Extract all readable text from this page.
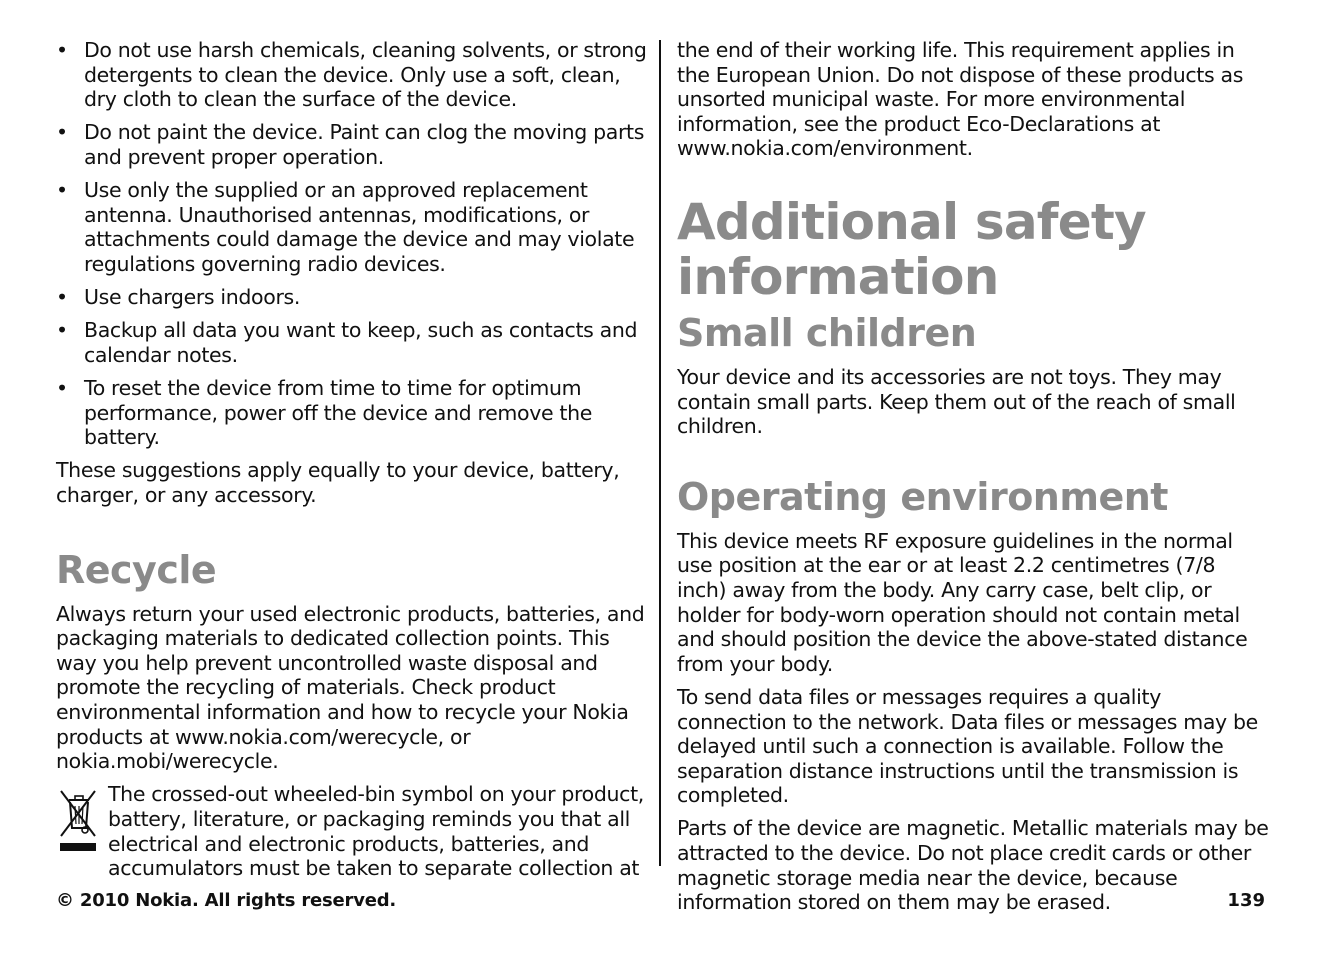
• Do not use harsh chemicals, cleaning solvents, or strong detergents to clean the device. Only use a soft, clean, dry cloth to clean the surface of the device.
• Do not paint the device. Paint can clog the moving parts and prevent proper operation.
• Use only the supplied or an approved replacement antenna. Unauthorised antennas, modifications, or attachments could damage the device and may violate regulations governing radio devices.
• Use chargers indoors.
• Backup all data you want to keep, such as contacts and calendar notes.
• To reset the device from time to time for optimum performance, power off the device and remove the battery.

These suggestions apply equally to your device, battery, charger, or any accessory.

Recycle

Always return your used electronic products, batteries, and packaging materials to dedicated collection points. This way you help prevent uncontrolled waste disposal and promote the recycling of materials. Check product environmental information and how to recycle your Nokia products at www.nokia.com/werecycle, or nokia.mobi/werecycle.

The crossed-out wheeled-bin symbol on your product, battery, literature, or packaging reminds you that all electrical and electronic products, batteries, and accumulators must be taken to separate collection at

the end of their working life. This requirement applies in the European Union. Do not dispose of these products as unsorted municipal waste. For more environmental information, see the product Eco-Declarations at www.nokia.com/environment.

Additional safety information
Small children

Your device and its accessories are not toys. They may contain small parts. Keep them out of the reach of small children.

Operating environment

This device meets RF exposure guidelines in the normal use position at the ear or at least 2.2 centimetres (7/8 inch) away from the body. Any carry case, belt clip, or holder for body-worn operation should not contain metal and should position the device the above-stated distance from your body.

To send data files or messages requires a quality connection to the network. Data files or messages may be delayed until such a connection is available. Follow the separation distance instructions until the transmission is completed.

Parts of the device are magnetic. Metallic materials may be attracted to the device. Do not place credit cards or other magnetic storage media near the device, because information stored on them may be erased.

© 2010 Nokia. All rights reserved.	139
